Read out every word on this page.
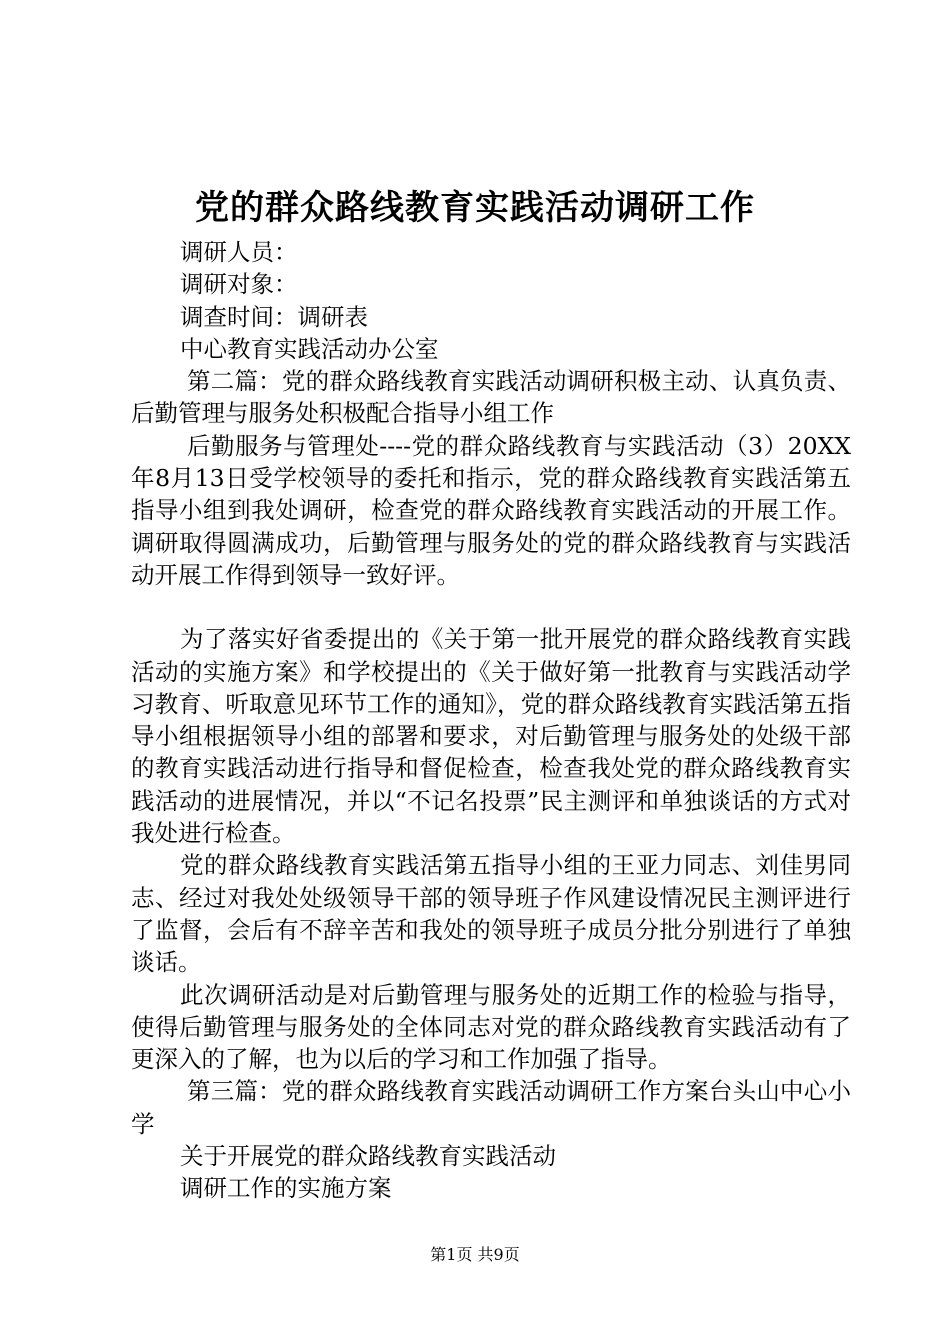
党的群众路线教育实践活动调研工作

调研人员：

调研对象：

调查时间：调研表

中心教育实践活动办公室

第二篇：党的群众路线教育实践活动调研积极主动、认真负责、后勤管理与服务处积极配合指导小组工作

后勤服务与管理处----党的群众路线教育与实践活动（3）20XX年8月13日受学校领导的委托和指示，党的群众路线教育实践活第五指导小组到我处调研，检查党的群众路线教育实践活动的开展工作。调研取得圆满成功，后勤管理与服务处的党的群众路线教育与实践活动开展工作得到领导一致好评。

为了落实好省委提出的《关于第一批开展党的群众路线教育实践活动的实施方案》和学校提出的《关于做好第一批教育与实践活动学习教育、听取意见环节工作的通知》，党的群众路线教育实践活第五指导小组根据领导小组的部署和要求，对后勤管理与服务处的处级干部的教育实践活动进行指导和督促检查，检查我处党的群众路线教育实践活动的进展情况，并以“不记名投票”民主测评和单独谈话的方式对我处进行检查。

党的群众路线教育实践活第五指导小组的王亚力同志、刘佳男同志、经过对我处处级领导干部的领导班子作风建设情况民主测评进行了监督，会后有不辞辛苦和我处的领导班子成员分批分别进行了单独谈话。

此次调研活动是对后勤管理与服务处的近期工作的检验与指导，使得后勤管理与服务处的全体同志对党的群众路线教育实践活动有了更深入的了解，也为以后的学习和工作加强了指导。

第三篇：党的群众路线教育实践活动调研工作方案台头山中心小学

关于开展党的群众路线教育实践活动

调研工作的实施方案

第1页 共9页
